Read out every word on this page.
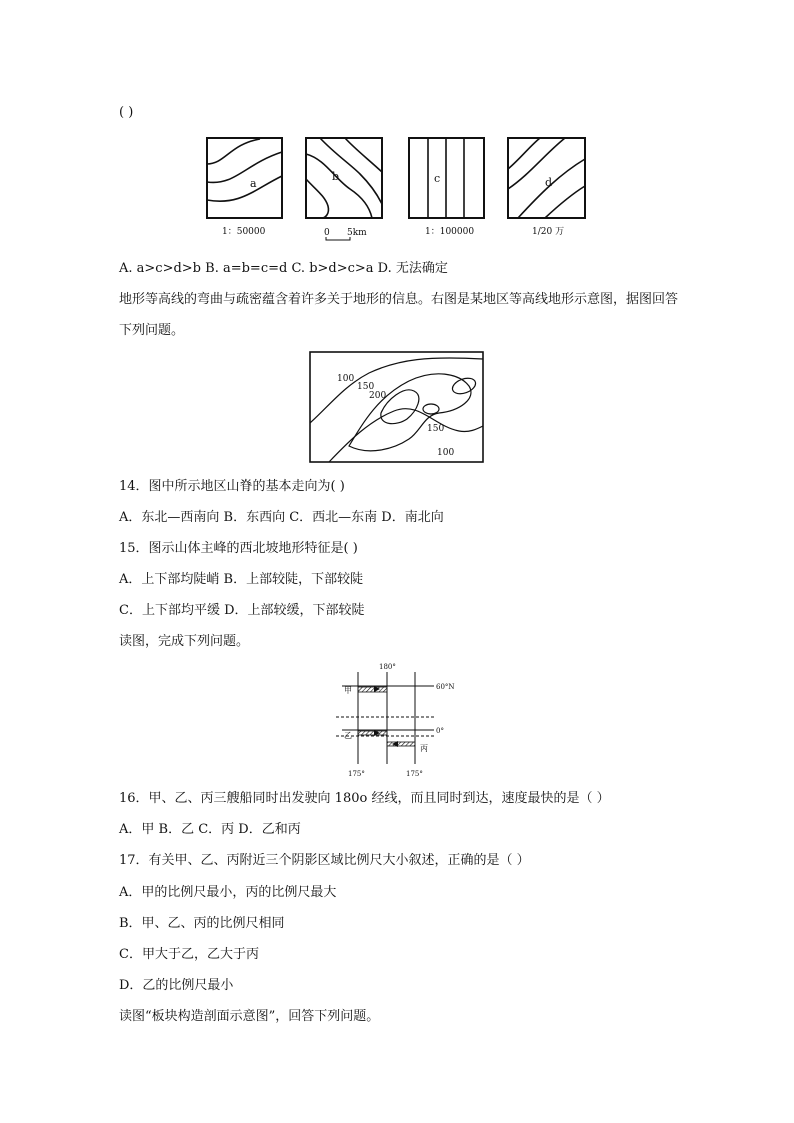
( )
a
1：50000
b
0 5km
c
1：100000
d
1/20 万
A. a>c>d>b B. a=b=c=d C. b>d>c>a D. 无法确定
地形等高线的弯曲与疏密蕴含着许多关于地形的信息。右图是某地区等高线地形示意图，据图回答下列问题。
100
150
200
150
100
14．图中所示地区山脊的基本走向为( )
A．东北—西南向 B．东西向 C．西北—东南 D．南北向
15．图示山体主峰的西北坡地形特征是( )
A．上下部均陡峭 B．上部较陡，下部较陡
C．上下部均平缓 D．上部较缓，下部较陡
读图，完成下列问题。
180°
60°N
0°
甲
乙
丙
175°	175°
16．甲、乙、丙三艘船同时出发驶向 180o 经线，而且同时到达，速度最快的是（ ）
A．甲 B．乙 C．丙 D．乙和丙
17．有关甲、乙、丙附近三个阴影区域比例尺大小叙述，正确的是（ ）
A．甲的比例尺最小，丙的比例尺最大
B．甲、乙、丙的比例尺相同
C．甲大于乙，乙大于丙
D．乙的比例尺最小
读图“板块构造剖面示意图”，回答下列问题。
